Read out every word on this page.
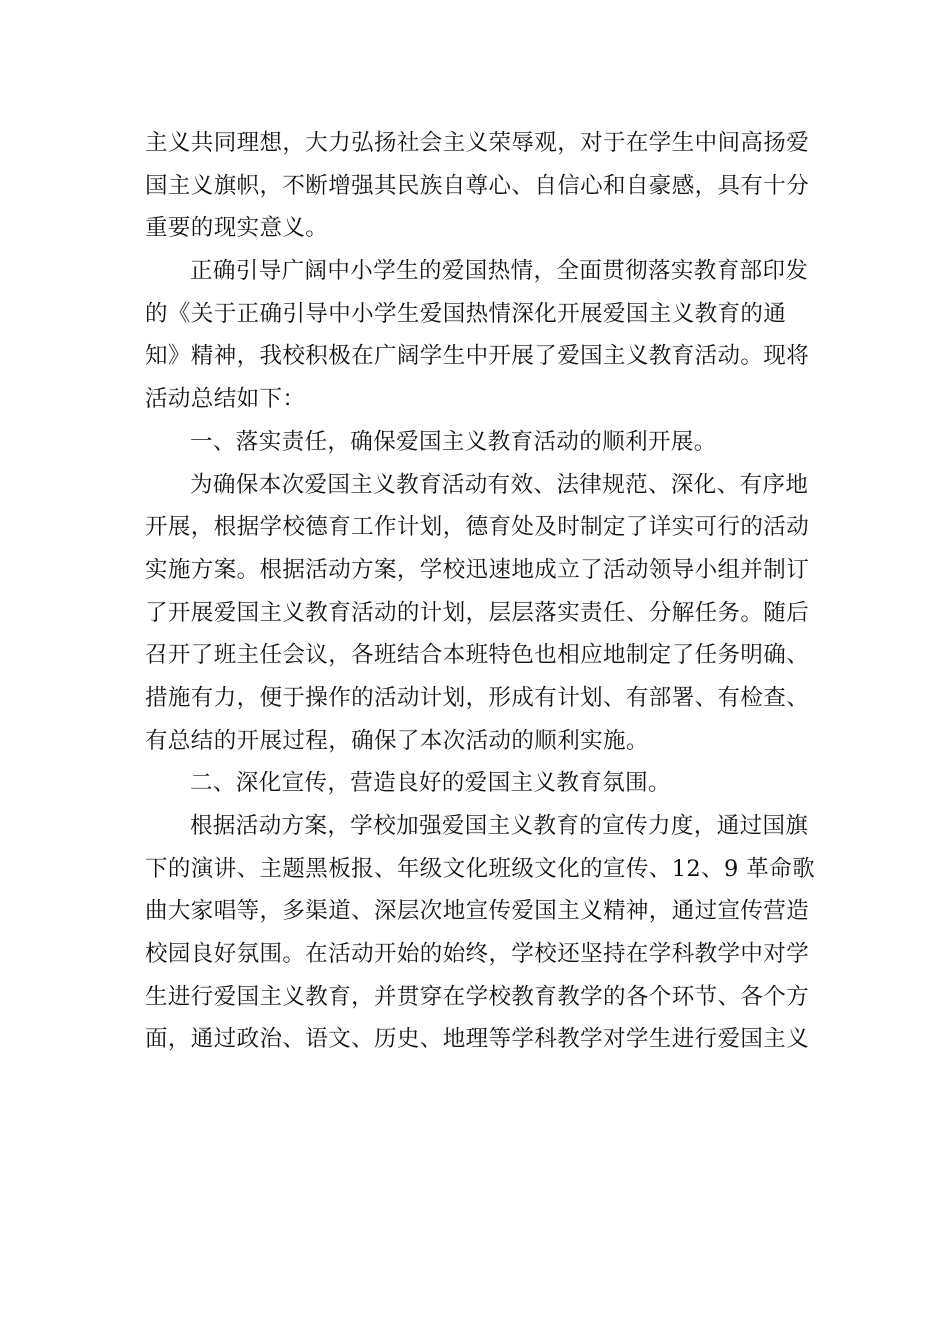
主义共同理想，大力弘扬社会主义荣辱观，对于在学生中间高扬爱
国主义旗帜，不断增强其民族自尊心、自信心和自豪感，具有十分
重要的现实意义。
正确引导广阔中小学生的爱国热情，全面贯彻落实教育部印发
的《关于正确引导中小学生爱国热情深化开展爱国主义教育的通
知》精神，我校积极在广阔学生中开展了爱国主义教育活动。现将
活动总结如下：
一、落实责任，确保爱国主义教育活动的顺利开展。
为确保本次爱国主义教育活动有效、法律规范、深化、有序地
开展，根据学校德育工作计划，德育处及时制定了详实可行的活动
实施方案。根据活动方案，学校迅速地成立了活动领导小组并制订
了开展爱国主义教育活动的计划，层层落实责任、分解任务。随后
召开了班主任会议，各班结合本班特色也相应地制定了任务明确、
措施有力，便于操作的活动计划，形成有计划、有部署、有检查、
有总结的开展过程，确保了本次活动的顺利实施。
二、深化宣传，营造良好的爱国主义教育氛围。
根据活动方案，学校加强爱国主义教育的宣传力度，通过国旗
下的演讲、主题黑板报、年级文化班级文化的宣传、12、9 革命歌
曲大家唱等，多渠道、深层次地宣传爱国主义精神，通过宣传营造
校园良好氛围。在活动开始的始终，学校还坚持在学科教学中对学
生进行爱国主义教育，并贯穿在学校教育教学的各个环节、各个方
面，通过政治、语文、历史、地理等学科教学对学生进行爱国主义
